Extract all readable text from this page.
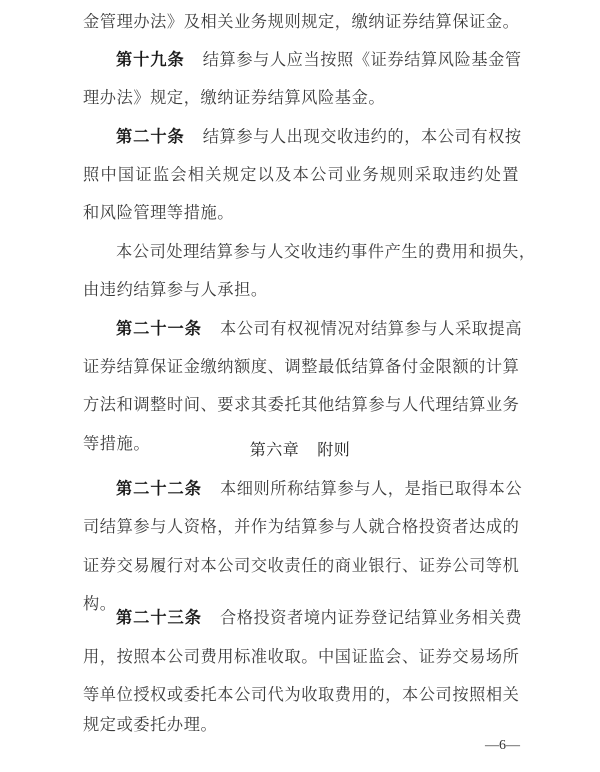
金管理办法》及相关业务规则规定，缴纳证券结算保证金。
第十九条 结算参与人应当按照《证券结算风险基金管
理办法》规定，缴纳证券结算风险基金。
第二十条 结算参与人出现交收违约的，本公司有权按
照中国证监会相关规定以及本公司业务规则采取违约处置
和风险管理等措施。
本公司处理结算参与人交收违约事件产生的费用和损失，
由违约结算参与人承担。
第二十一条 本公司有权视情况对结算参与人采取提高
证券结算保证金缴纳额度、调整最低结算备付金限额的计算
方法和调整时间、要求其委托其他结算参与人代理结算业务
等措施。	第六章 附则
第二十二条 本细则所称结算参与人，是指已取得本公
司结算参与人资格，并作为结算参与人就合格投资者达成的
证券交易履行对本公司交收责任的商业银行、证券公司等机
构。
第二十三条 合格投资者境内证券登记结算业务相关费
用，按照本公司费用标准收取。中国证监会、证券交易场所
等单位授权或委托本公司代为收取费用的，本公司按照相关
规定或委托办理。
—6—
